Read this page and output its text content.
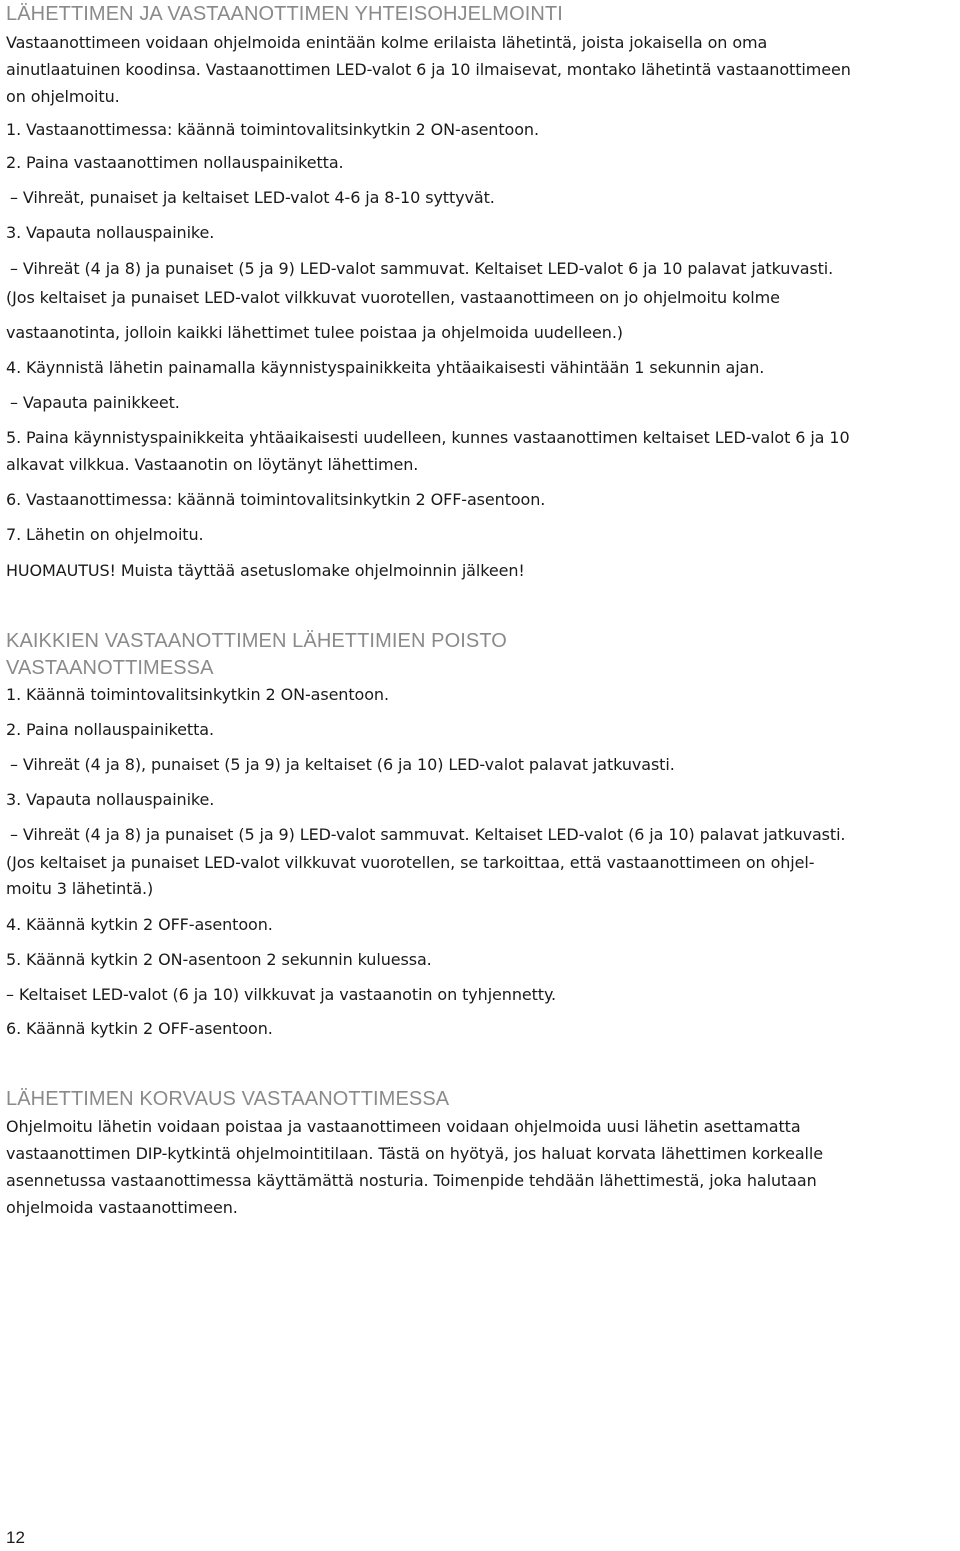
LÄHETTIMEN JA VASTAANOTTIMEN YHTEISOHJELMOINTI
Vastaanottimeen voidaan ohjelmoida enintään kolme erilaista lähetintä, joista jokaisella on oma
ainutlaatuinen koodinsa. Vastaanottimen LED-valot 6 ja 10 ilmaisevat, montako lähetintä vastaanottimeen
on ohjelmoitu.
1. Vastaanottimessa: käännä toimintovalitsinkytkin 2 ON-asentoon.
2. Paina vastaanottimen nollauspainiketta.
– Vihreät, punaiset ja keltaiset LED-valot 4-6 ja 8-10 syttyvät.
3. Vapauta nollauspainike.
– Vihreät (4 ja 8) ja punaiset (5 ja 9) LED-valot sammuvat. Keltaiset LED-valot 6 ja 10 palavat jatkuvasti.
(Jos keltaiset ja punaiset LED-valot vilkkuvat vuorotellen, vastaanottimeen on jo ohjelmoitu kolme
vastaanotinta, jolloin kaikki lähettimet tulee poistaa ja ohjelmoida uudelleen.)
4. Käynnistä lähetin painamalla käynnistyspainikkeita yhtäaikaisesti vähintään 1 sekunnin ajan.
– Vapauta painikkeet.
5. Paina käynnistyspainikkeita yhtäaikaisesti uudelleen, kunnes vastaanottimen keltaiset LED-valot 6 ja 10
alkavat vilkkua. Vastaanotin on löytänyt lähettimen.
6. Vastaanottimessa: käännä toimintovalitsinkytkin 2 OFF-asentoon.
7. Lähetin on ohjelmoitu.
HUOMAUTUS! Muista täyttää asetuslomake ohjelmoinnin jälkeen!
KAIKKIEN VASTAANOTTIMEN LÄHETTIMIEN POISTO
VASTAANOTTIMESSA
1. Käännä toimintovalitsinkytkin 2 ON-asentoon.
2. Paina nollauspainiketta.
– Vihreät (4 ja 8), punaiset (5 ja 9) ja keltaiset (6 ja 10) LED-valot palavat jatkuvasti.
3. Vapauta nollauspainike.
– Vihreät (4 ja 8) ja punaiset (5 ja 9) LED-valot sammuvat. Keltaiset LED-valot (6 ja 10) palavat jatkuvasti.
(Jos keltaiset ja punaiset LED-valot vilkkuvat vuorotellen, se tarkoittaa, että vastaanottimeen on ohjel-
moitu 3 lähetintä.)
4. Käännä kytkin 2 OFF-asentoon.
5. Käännä kytkin 2 ON-asentoon 2 sekunnin kuluessa.
– Keltaiset LED-valot (6 ja 10) vilkkuvat ja vastaanotin on tyhjennetty.
6. Käännä kytkin 2 OFF-asentoon.
LÄHETTIMEN KORVAUS VASTAANOTTIMESSA
Ohjelmoitu lähetin voidaan poistaa ja vastaanottimeen voidaan ohjelmoida uusi lähetin asettamatta
vastaanottimen DIP-kytkintä ohjelmointitilaan. Tästä on hyötyä, jos haluat korvata lähettimen korkealle
asennetussa vastaanottimessa käyttämättä nosturia. Toimenpide tehdään lähettimestä, joka halutaan
ohjelmoida vastaanottimeen.
12
